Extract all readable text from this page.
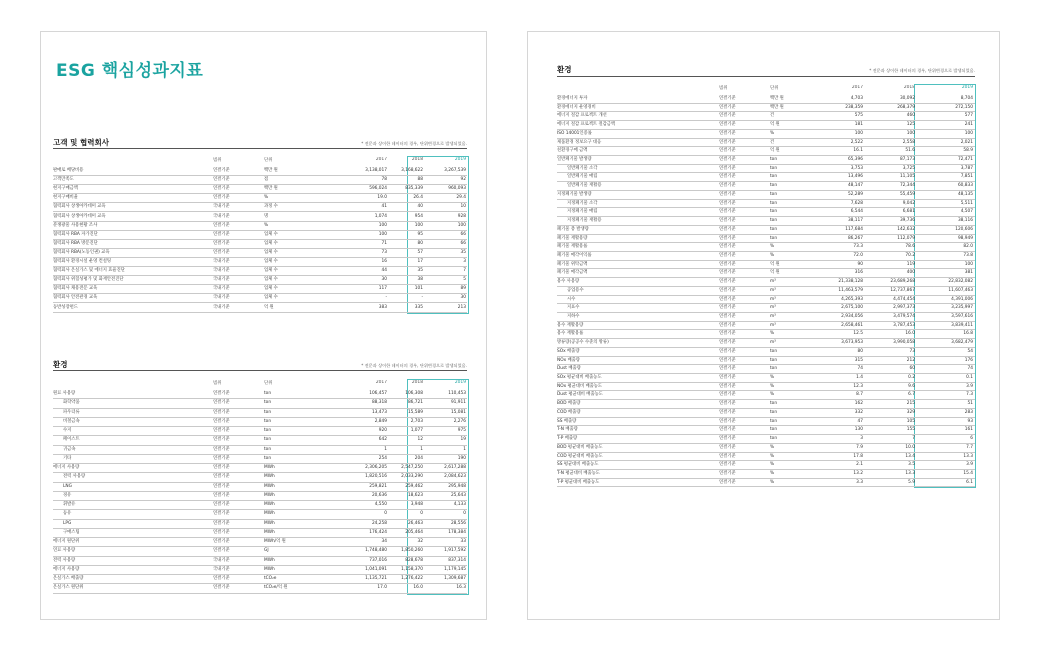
ESG 핵심성과지표
고객 및 협력회사	* 전문과 상이한 데이터의 경우, 단위변경으로 발생되었음.
범위	단위	2017	2018	2019
판매로 배당비용	연결기준	백만 원	3,138,017	3,168,622	3,267,539
고객만족도	연결기준	점	78	88	92
현지구매금액	연결기준	백만 원	596,024	835,339	960,093
현지구매비율	연결기준	%	19.0	26.4	29.4
협력회사 상생아카데미 교육	국내기준	과정 수	41	40	10
협력회사 상생아카데미 교육	국내기준	명	1,074	954	928
분쟁광물 사용현황 조사	연결기준	%	100	100	100
협력회사 RBA 자가진단	연결기준	업체 수	100	95	66
협력회사 RBA 방문진단	연결기준	업체 수	71	80	66
협력회사 RBA(노동인권) 교육	연결기준	업체 수	73	57	35
협력회사 환경시설 운영 컨설팅	국내기준	업체 수	16	17	3
협력회사 온실가스 및 에너지 효율진단	국내기준	업체 수	44	35	7
협력회사 위험성평가 및 화재안전진단	국내기준	업체 수	30	38	5
협력회사 채용전문 교육	국내기준	업체 수	117	101	89
협력회사 안전관경 교육	국내기준	업체 수	-	-	30
동반성장펀드	국내기준	억 원	383	335	213
환경	* 전문과 상이한 데이터의 경우, 단위변경으로 발생되었음.
범위	단위	2017	2018	2019
원료 사용량	연결기준	ton	106,457	106,308	110,453
화학약품	연결기준	ton	88,318	86,721	91,911
파우더류	연결기준	ton	13,473	15,589	15,081
비철금속	연결기준	ton	2,849	2,703	2,276
수지	연결기준	ton	920	1,077	975
페이스트	연결기준	ton	642	12	19
귀금속	연결기준	ton	1	1	1
기타	연결기준	ton	254	204	190
에너지 사용량	연결기준	MWh	2,306,205	2,547,250	2,617,288
전력 사용량	연결기준	MWh	1,820,516	2,033,290	2,084,623
LNG	연결기준	MWh	259,821	259,462	295,948
경유	연결기준	MWh	20,636	18,623	25,643
휘발유	연결기준	MWh	4,550	3,948	4,133
등유	연결기준	MWh	0	0	0
LPG	연결기준	MWh	24,258	26,463	28,556
구매스팀	연결기준	MWh	176,424	205,464	178,384
에너지 원단위	연결기준	MWh/억 원	34	32	33
연료 사용량	연결기준	GJ	1,748,480	1,850,260	1,917,592
전력 사용량	국내기준	MWh	737,016	828,678	837,314
에너지 사용량	국내기준	MWh	1,041,091	1,158,370	1,179,145
온실가스 배출량	연결기준	tCO₂e	1,135,721	1,276,422	1,309,687
온실가스 원단위	연결기준	tCO₂e/억 원	17.0	16.0	16.3
환경	* 전문과 상이한 데이터의 경우, 단위변경으로 발생되었음.
범위	단위	2017	2018	2019
환경에너지 투자	연결기준	백만 원	4,703	30,092	8,704
환경에너지 운영경비	연결기준	백만 원	238,359	268,379	272,150
에너지 절감 프로젝트 개선	연결기준	건	575	460	577
에너지 절감 프로젝트 절감금액	연결기준	억 원	181	125	241
ISO 14001인증률	연결기준	%	100	100	100
제품환경 정보요구 대응	연결기준	건	2,522	2,558	2,021
친환경구매 금액	연결기준	억 원	16.1	51.6	58.9
일반폐기물 발생량	연결기준	ton	65,396	87,173	72,471
일반폐기물 소각	연결기준	ton	3,753	3,725	3,787
일반폐기물 매립	연결기준	ton	13,496	11,105	7,851
일반폐기물 재활용	연결기준	ton	48,147	72,344	60,833
지정폐기물 발생량	연결기준	ton	52,289	55,459	48,135
지정폐기물 소각	연결기준	ton	7,628	9,042	5,511
지정폐기물 매립	연결기준	ton	6,544	6,681	4,507
지정폐기물 재활용	연결기준	ton	38,117	39,736	38,116
폐기물 총 발생량	연결기준	ton	117,684	142,632	120,606
폐기물 재활용량	연결기준	ton	86,267	112,079	98,949
폐기물 재활용률	연결기준	%	73.3	78.6	82.0
폐기물 매각이익률	연결기준	%	72.0	70.2	73.8
폐기물 위탁금액	연결기준	억 원	90	119	100
폐기물 매각금액	연결기준	억 원	316	400	381
용수 사용량	연결기준	m³	21,338,128	23,689,268	22,832,082
공업용수	연결기준	m³	11,463,579	12,737,867	11,607,463
시수	연결기준	m³	4,265,393	4,474,454	4,391,006
지표수	연결기준	m³	2,675,100	2,997,373	3,235,997
지하수	연결기준	m³	2,934,056	3,479,574	3,597,616
용수 재활용량	연결기준	m³	2,658,461	3,787,453	3,839,411
용수 재활용률	연결기준	%	12.5	16.0	16.8
방류량(공공수 수준의 방류)	연결기준	m³	3,673,953	3,990,058	3,682,479
SOx 배출량	연결기준	ton	80	73	54
NOx 배출량	연결기준	ton	315	212	176
Dust 배출량	연결기준	ton	74	60	74
SOx 평균대비 배출농도	연결기준	%	1.4	0.2	0.1
NOx 평균대비 배출농도	연결기준	%	12.3	9.6	3.9
Dust 평균대비 배출농도	연결기준	%	8.7	6.7	7.3
BOD 배출량	연결기준	ton	162	215	51
COD 배출량	연결기준	ton	332	329	283
SS 배출량	연결기준	ton	47	105	93
T-N 배출량	연결기준	ton	130	155	161
T-P 배출량	연결기준	ton	3	7	6
BOD 평균대비 배출농도	연결기준	%	7.9	10.0	7.7
COD 평균대비 배출농도	연결기준	%	17.8	13.4	13.3
SS 평균대비 배출농도	연결기준	%	2.1	3.5	3.9
T-N 평균대비 배출농도	연결기준	%	13.2	13.3	15.4
T-P 평균대비 배출농도	연결기준	%	3.3	5.9	6.1
